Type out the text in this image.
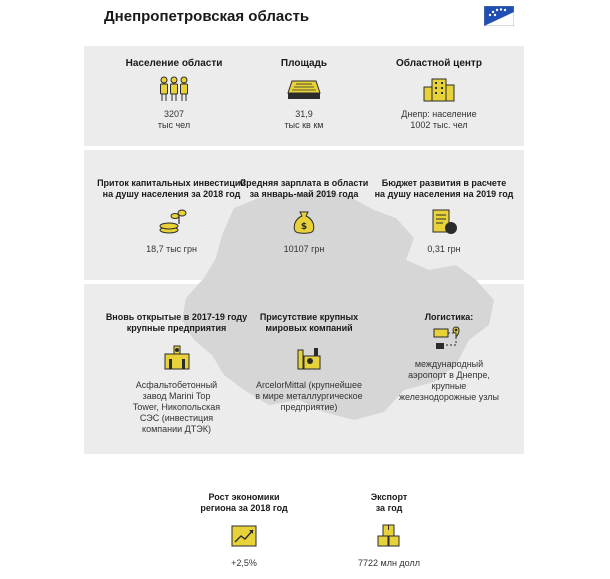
Днепропетровская область
Население области
3207
тыс чел
Площадь
31,9
тыс кв км
Областной центр
Днепр: население
1002 тыс. чел
Приток капитальных инвестиций
на душу населения за 2018 год
18,7 тыс грн
Средняя зарплата в области
за январь-май 2019 года
$
10107 грн
Бюджет развития в расчете
на душу населения на 2019 год
0,31 грн
Вновь открытые в 2017-19 году
крупные предприятия
Асфальтобетонный
завод Marini Top
Tower, Никопольская
СЭС (инвестиция
компании ДТЭК)
Присутствие крупных
мировых компаний
ArcelorMittal (крупнейшее
в мире металлургическое
предприятие)
Логистика:
международный
аэропорт в Днепре,
крупные
железнодорожные узлы
Рост экономики
региона за 2018 год
+2,5%
Экспорт
за год
7722 млн долл
